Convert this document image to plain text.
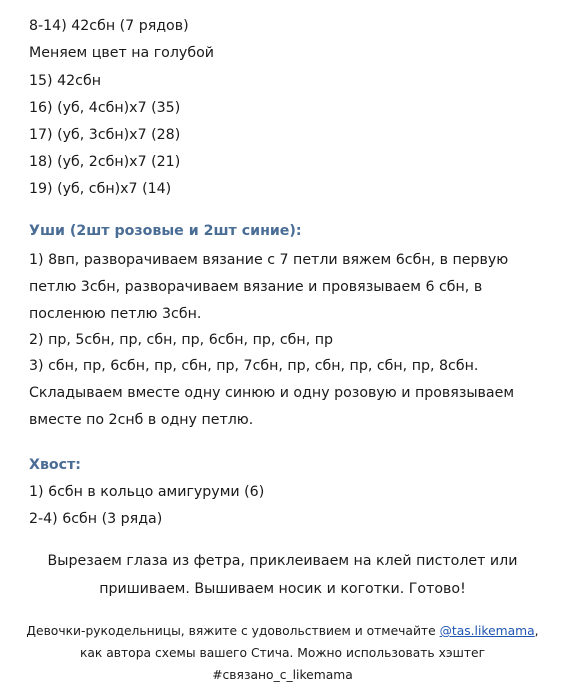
8-14) 42сбн (7 рядов)
Меняем цвет на голубой
15) 42сбн
16) (уб, 4сбн)х7 (35)
17) (уб, 3сбн)х7 (28)
18) (уб, 2сбн)х7 (21)
19) (уб, сбн)х7 (14)
Уши (2шт розовые и 2шт синие):
1) 8вп, разворачиваем вязание с 7 петли вяжем 6сбн, в первую
петлю 3сбн, разворачиваем вязание и провязываем 6 сбн, в
посленюю петлю 3сбн.
2) пр, 5сбн, пр, сбн, пр, 6сбн, пр, сбн, пр
3) сбн, пр, 6сбн, пр, сбн, пр, 7сбн, пр, сбн, пр, сбн, пр, 8сбн.
Складываем вместе одну синюю и одну розовую и провязываем
вместе по 2снб в одну петлю.
Хвост:
1) 6сбн в кольцо амигуруми (6)
2-4) 6сбн (3 ряда)
Вырезаем глаза из фетра, приклеиваем на клей пистолет или
пришиваем. Вышиваем носик и коготки. Готово!
Девочки-рукодельницы, вяжите с удовольствием и отмечайте @tas.likemama,
как автора схемы вашего Стича. Можно использовать хэштег
#связано_с_likemama
